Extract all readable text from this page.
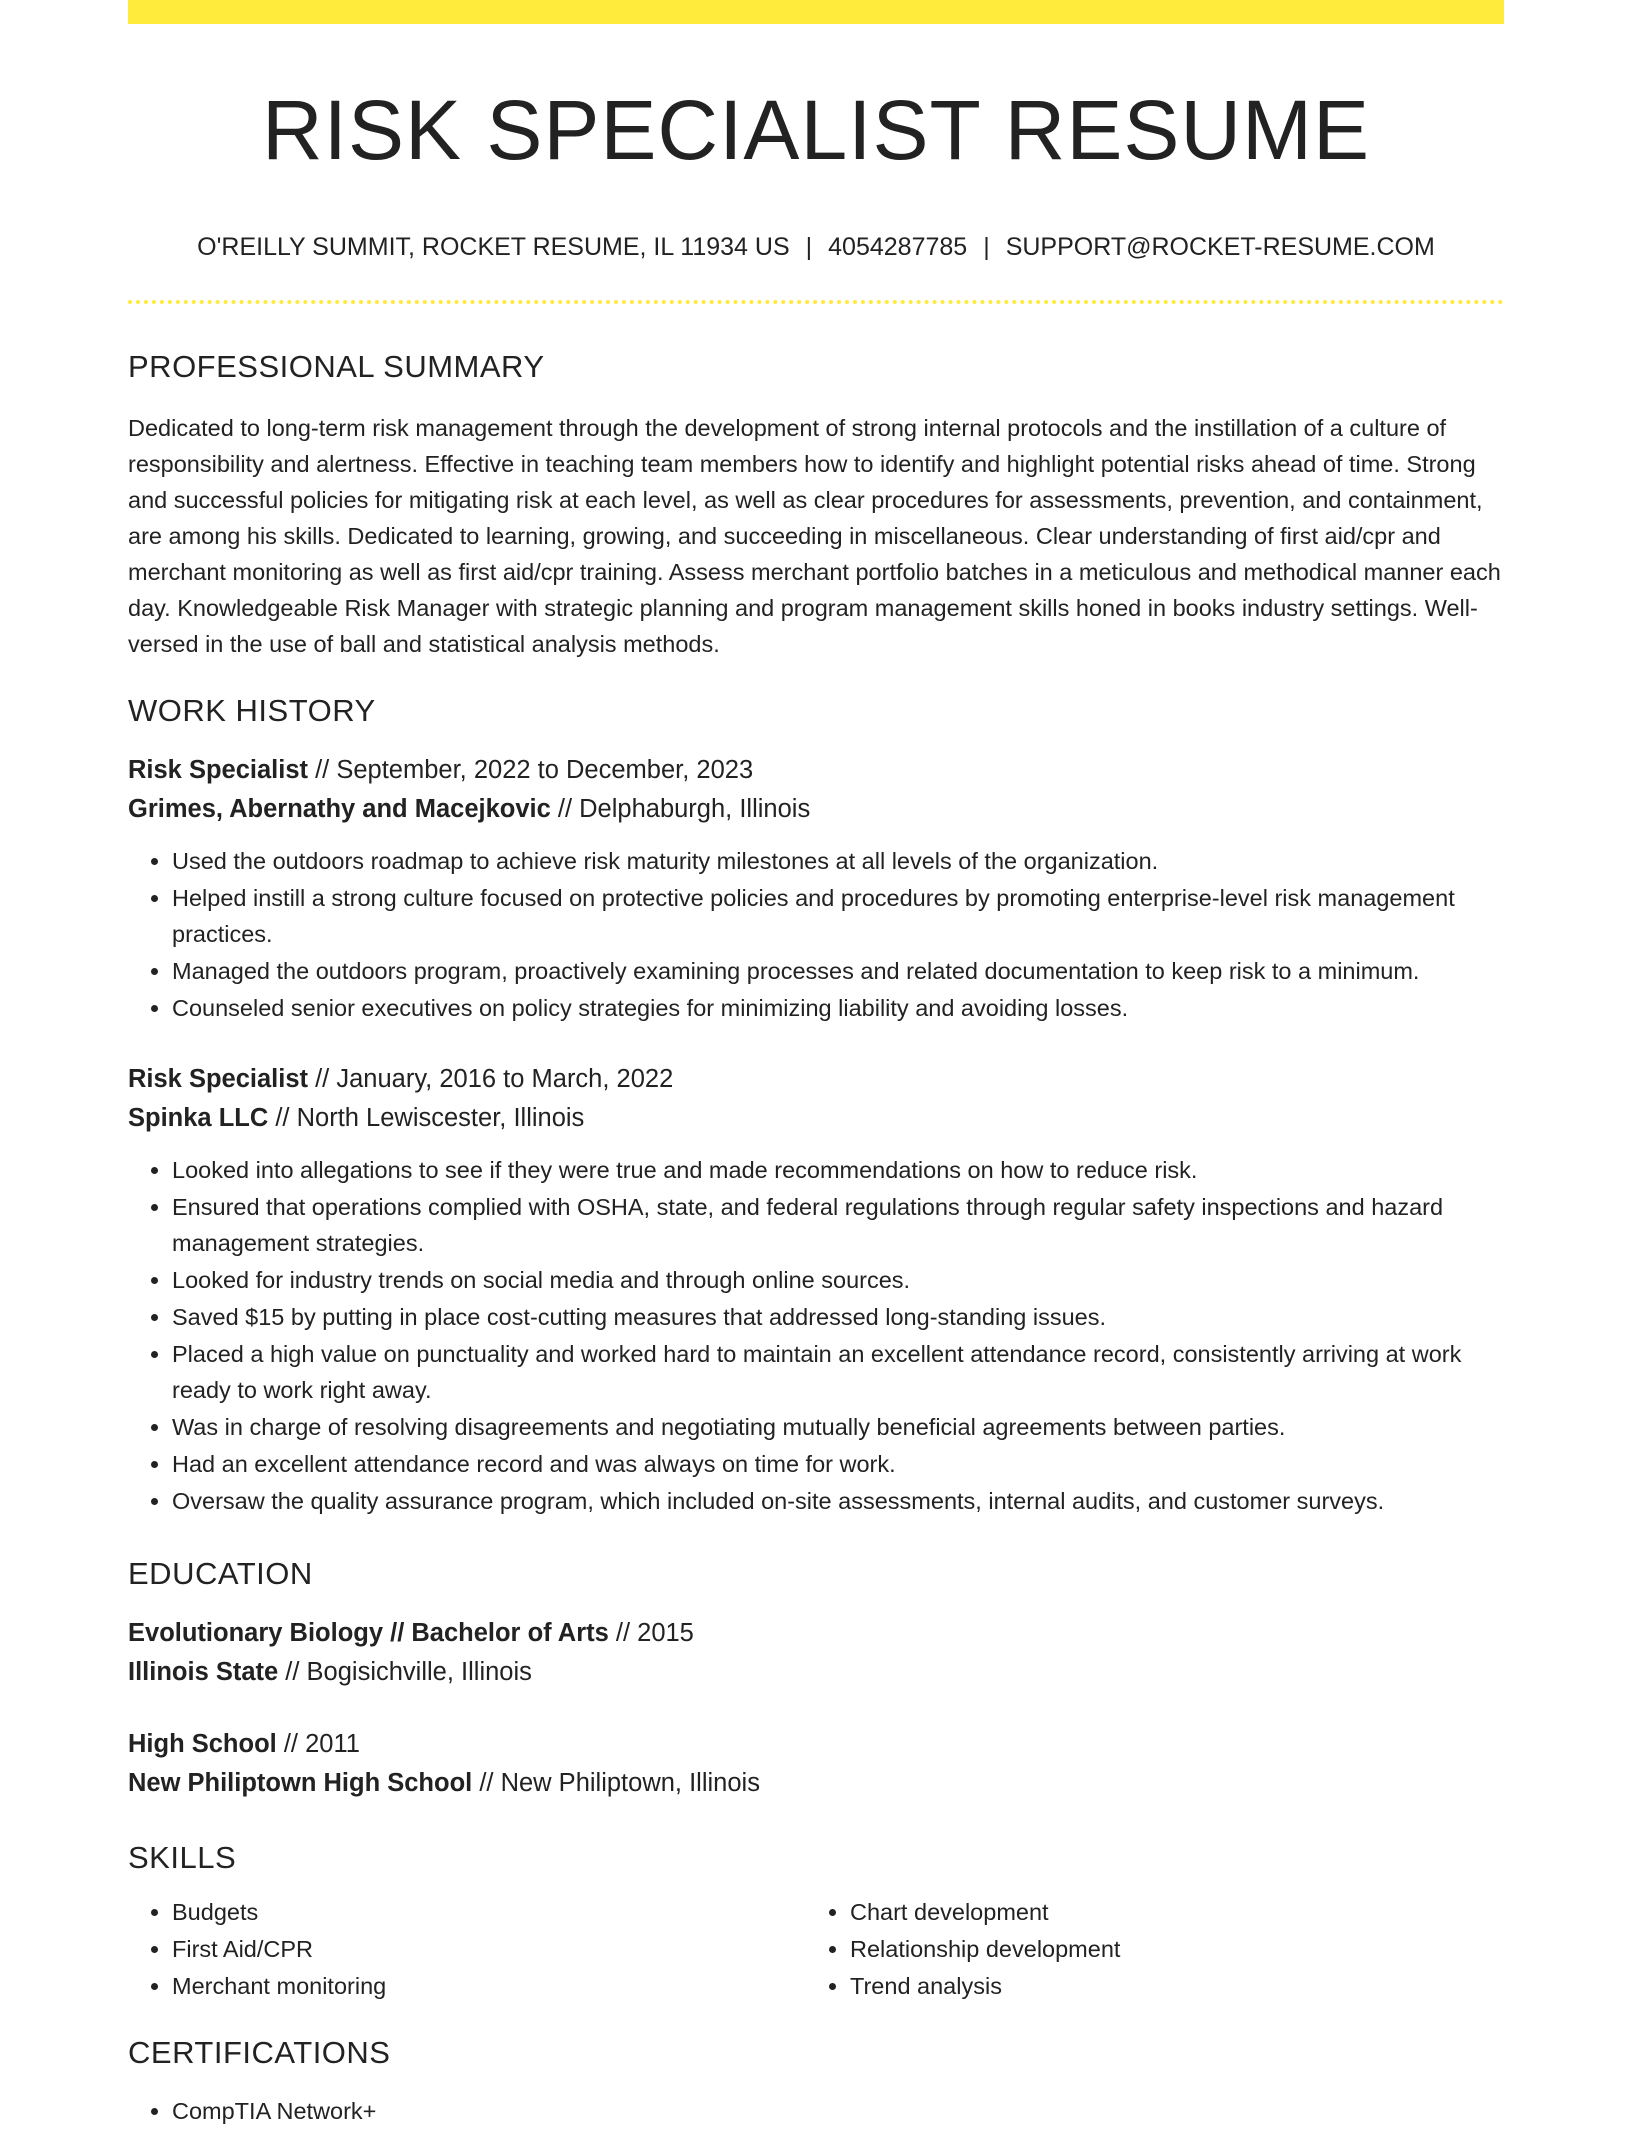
RISK SPECIALIST RESUME
O'REILLY SUMMIT, ROCKET RESUME, IL 11934 US | 4054287785 | SUPPORT@ROCKET-RESUME.COM
PROFESSIONAL SUMMARY
Dedicated to long-term risk management through the development of strong internal protocols and the instillation of a culture of responsibility and alertness. Effective in teaching team members how to identify and highlight potential risks ahead of time. Strong and successful policies for mitigating risk at each level, as well as clear procedures for assessments, prevention, and containment, are among his skills. Dedicated to learning, growing, and succeeding in miscellaneous. Clear understanding of first aid/cpr and merchant monitoring as well as first aid/cpr training. Assess merchant portfolio batches in a meticulous and methodical manner each day. Knowledgeable Risk Manager with strategic planning and program management skills honed in books industry settings. Well-versed in the use of ball and statistical analysis methods.
WORK HISTORY
Risk Specialist // September, 2022 to December, 2023
Grimes, Abernathy and Macejkovic // Delphaburgh, Illinois
• Used the outdoors roadmap to achieve risk maturity milestones at all levels of the organization.
• Helped instill a strong culture focused on protective policies and procedures by promoting enterprise-level risk management practices.
• Managed the outdoors program, proactively examining processes and related documentation to keep risk to a minimum.
• Counseled senior executives on policy strategies for minimizing liability and avoiding losses.
Risk Specialist // January, 2016 to March, 2022
Spinka LLC // North Lewiscester, Illinois
• Looked into allegations to see if they were true and made recommendations on how to reduce risk.
• Ensured that operations complied with OSHA, state, and federal regulations through regular safety inspections and hazard management strategies.
• Looked for industry trends on social media and through online sources.
• Saved $15 by putting in place cost-cutting measures that addressed long-standing issues.
• Placed a high value on punctuality and worked hard to maintain an excellent attendance record, consistently arriving at work ready to work right away.
• Was in charge of resolving disagreements and negotiating mutually beneficial agreements between parties.
• Had an excellent attendance record and was always on time for work.
• Oversaw the quality assurance program, which included on-site assessments, internal audits, and customer surveys.
EDUCATION
Evolutionary Biology // Bachelor of Arts // 2015
Illinois State // Bogisichville, Illinois
High School // 2011
New Philiptown High School // New Philiptown, Illinois
SKILLS
• Budgets
• First Aid/CPR
• Merchant monitoring
• Chart development
• Relationship development
• Trend analysis
CERTIFICATIONS
• CompTIA Network+
